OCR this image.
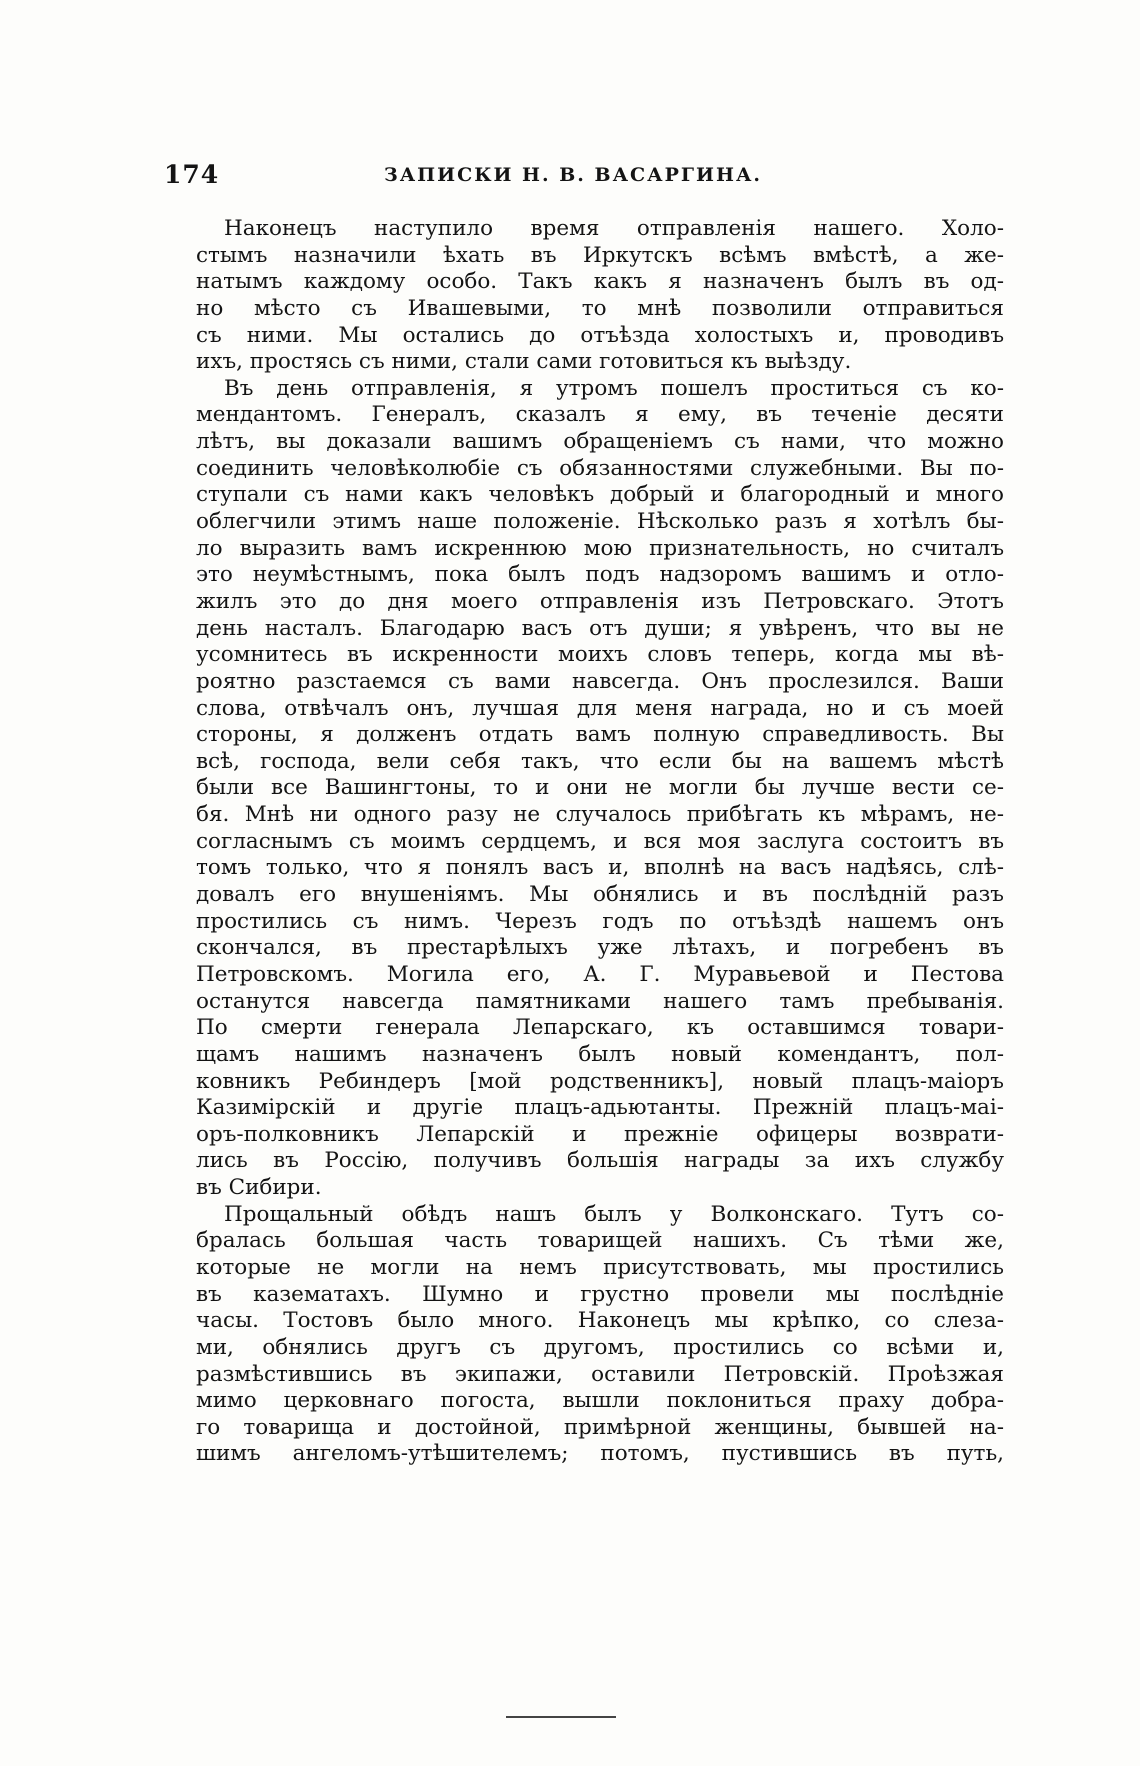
174	ЗАПИСКИ Н. В. ВАСАРГИНА.
Наконецъ наступило время отправленія нашего. Холо-
стымъ назначили ѣхать въ Иркутскъ всѣмъ вмѣстѣ, а же-
натымъ каждому особо. Такъ какъ я назначенъ былъ въ од-
но мѣсто съ Ивашевыми, то мнѣ позволили отправиться
съ ними. Мы остались до отъѣзда холостыхъ и, проводивъ
ихъ, простясь съ ними, стали сами готовиться къ выѣзду.
Въ день отправленія, я утромъ пошелъ проститься съ ко-
мендантомъ. Генералъ, сказалъ я ему, въ теченіе десяти
лѣтъ, вы доказали вашимъ обращеніемъ съ нами, что можно
соединить человѣколюбіе съ обязанностями служебными. Вы по-
ступали съ нами какъ человѣкъ добрый и благородный и много
облегчили этимъ наше положеніе. Нѣсколько разъ я хотѣлъ бы-
ло выразить вамъ искреннюю мою признательность, но считалъ
это неумѣстнымъ, пока былъ подъ надзоромъ вашимъ и отло-
жилъ это до дня моего отправленія изъ Петровскаго. Этотъ
день насталъ. Благодарю васъ отъ души; я увѣренъ, что вы не
усомнитесь въ искренности моихъ словъ теперь, когда мы вѣ-
роятно разстаемся съ вами навсегда. Онъ прослезился. Ваши
слова, отвѣчалъ онъ, лучшая для меня награда, но и съ моей
стороны, я долженъ отдать вамъ полную справедливость. Вы
всѣ, господа, вели себя такъ, что если бы на вашемъ мѣстѣ
были все Вашингтоны, то и они не могли бы лучше вести се-
бя. Мнѣ ни одного разу не случалось прибѣгать къ мѣрамъ, не-
согласнымъ съ моимъ сердцемъ, и вся моя заслуга состоитъ въ
томъ только, что я понялъ васъ и, вполнѣ на васъ надѣясь, слѣ-
довалъ его внушеніямъ. Мы обнялись и въ послѣдній разъ
простились съ нимъ. Черезъ годъ по отъѣздѣ нашемъ онъ
скончался, въ престарѣлыхъ уже лѣтахъ, и погребенъ въ
Петровскомъ. Могила его, А. Г. Муравьевой и Пестова
останутся навсегда памятниками нашего тамъ пребыванія.
По смерти генерала Лепарскаго, къ оставшимся товари-
щамъ нашимъ назначенъ былъ новый комендантъ, пол-
ковникъ Ребиндеръ [мой родственникъ], новый плацъ-маіоръ
Казимірскій и другіе плацъ-адьютанты. Прежній плацъ-маі-
оръ-полковникъ Лепарскій и прежніе офицеры возврати-
лись въ Россію, получивъ большія награды за ихъ службу
въ Сибири.
Прощальный обѣдъ нашъ былъ у Волконскаго. Тутъ со-
бралась большая часть товарищей нашихъ. Съ тѣми же,
которые не могли на немъ присутствовать, мы простились
въ казематахъ. Шумно и грустно провели мы послѣдніе
часы. Тостовъ было много. Наконецъ мы крѣпко, со слеза-
ми, обнялись другъ съ другомъ, простились со всѣми и,
размѣстившись въ экипажи, оставили Петровскій. Проѣзжая
мимо церковнаго погоста, вышли поклониться праху добра-
го товарища и достойной, примѣрной женщины, бывшей на-
шимъ ангеломъ-утѣшителемъ; потомъ, пустившись въ путь,
